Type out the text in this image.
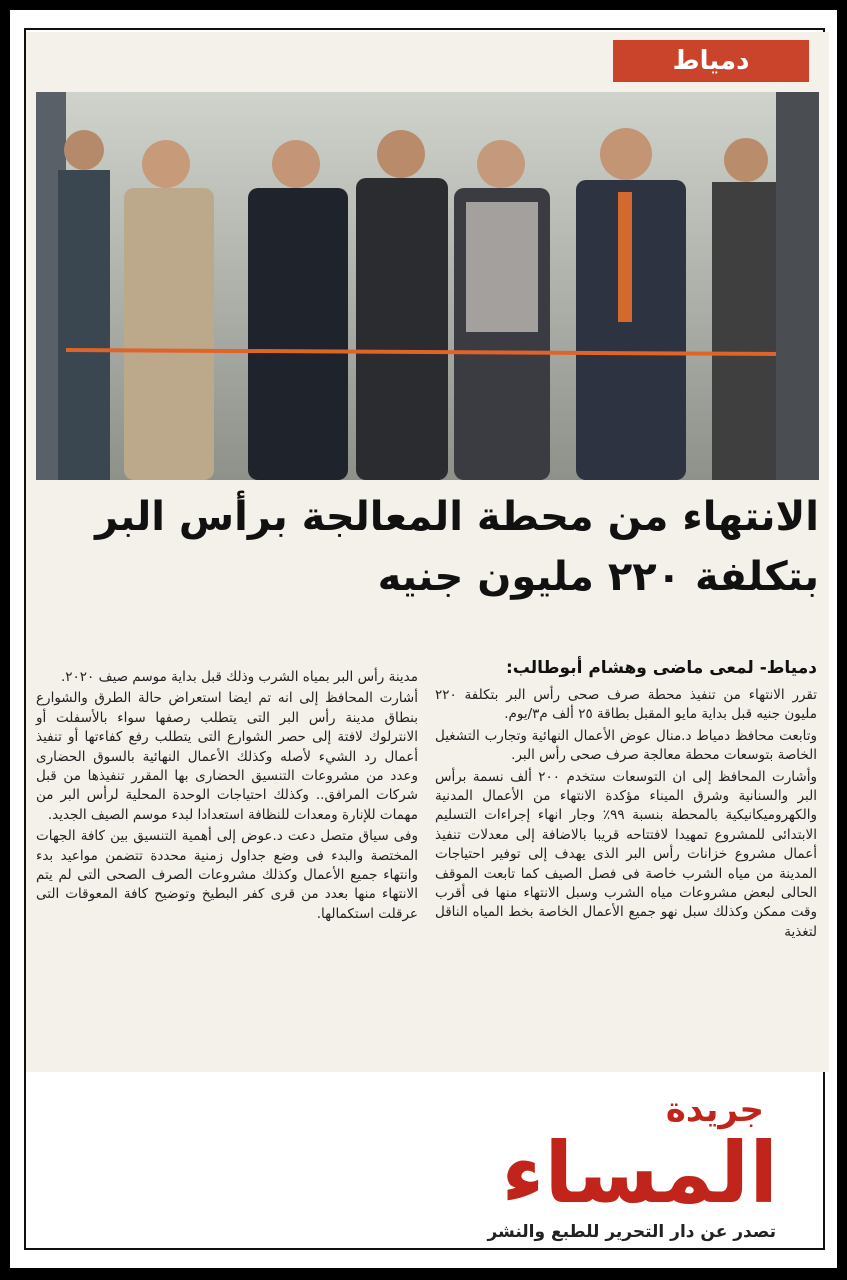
دمياط
الانتهاء من محطة المعالجة برأس البر
بتكلفة ٢٢٠ مليون جنيه
دمياط- لمعى ماضى وهشام أبوطالب:

تقرر الانتهاء من تنفيذ محطة صرف صحى رأس البر بتكلفة ٢٢٠ مليون جنيه قبل بداية مايو المقبل بطاقة ٢٥ ألف م٣/يوم.

وتابعت محافظ دمياط د.منال عوض الأعمال النهائية وتجارب التشغيل الخاصة بتوسعات محطة معالجة صرف صحى رأس البر.

وأشارت المحافظ إلى ان التوسعات ستخدم ٢٠٠ ألف نسمة برأس البر والسنانية وشرق الميناء مؤكدة الانتهاء من الأعمال المدنية والكهروميكانيكية بالمحطة بنسبة ٩٩٪ وجار انهاء إجراءات التسليم الابتدائى للمشروع تمهيدا لافتتاحه قريبا بالاضافة إلى معدلات تنفيذ أعمال مشروع خزانات رأس البر الذى يهدف إلى توفير احتياجات المدينة من مياه الشرب خاصة فى فصل الصيف كما تابعت الموقف الحالى لبعض مشروعات مياه الشرب وسبل الانتهاء منها فى أقرب وقت ممكن وكذلك سبل نهو جميع الأعمال الخاصة بخط المياه الناقل لتغذية

مدينة رأس البر بمياه الشرب وذلك قبل بداية موسم صيف ٢٠٢٠.

أشارت المحافظ إلى انه تم ايضا استعراض حالة الطرق والشوارع بنطاق مدينة رأس البر التى يتطلب رصفها سواء بالأسفلت أو الانترلوك لافتة إلى حصر الشوارع التى يتطلب رفع كفاءتها أو تنفيذ أعمال رد الشيء لأصله وكذلك الأعمال النهائية بالسوق الحضارى وعدد من مشروعات التنسيق الحضارى بها المقرر تنفيذها من قبل شركات المرافق.. وكذلك احتياجات الوحدة المحلية لرأس البر من مهمات للإنارة ومعدات للنظافة استعدادا لبدء موسم الصيف الجديد.

وفى سياق متصل دعت د.عوض إلى أهمية التنسيق بين كافة الجهات المختصة والبدء فى وضع جداول زمنية محددة تتضمن مواعيد بدء وانتهاء جميع الأعمال وكذلك مشروعات الصرف الصحى التى لم يتم الانتهاء منها بعدد من قرى كفر البطيخ وتوضيح كافة المعوقات التى عرقلت استكمالها.

جريدة
المساء
تصدر عن دار التحرير للطبع والنشر
